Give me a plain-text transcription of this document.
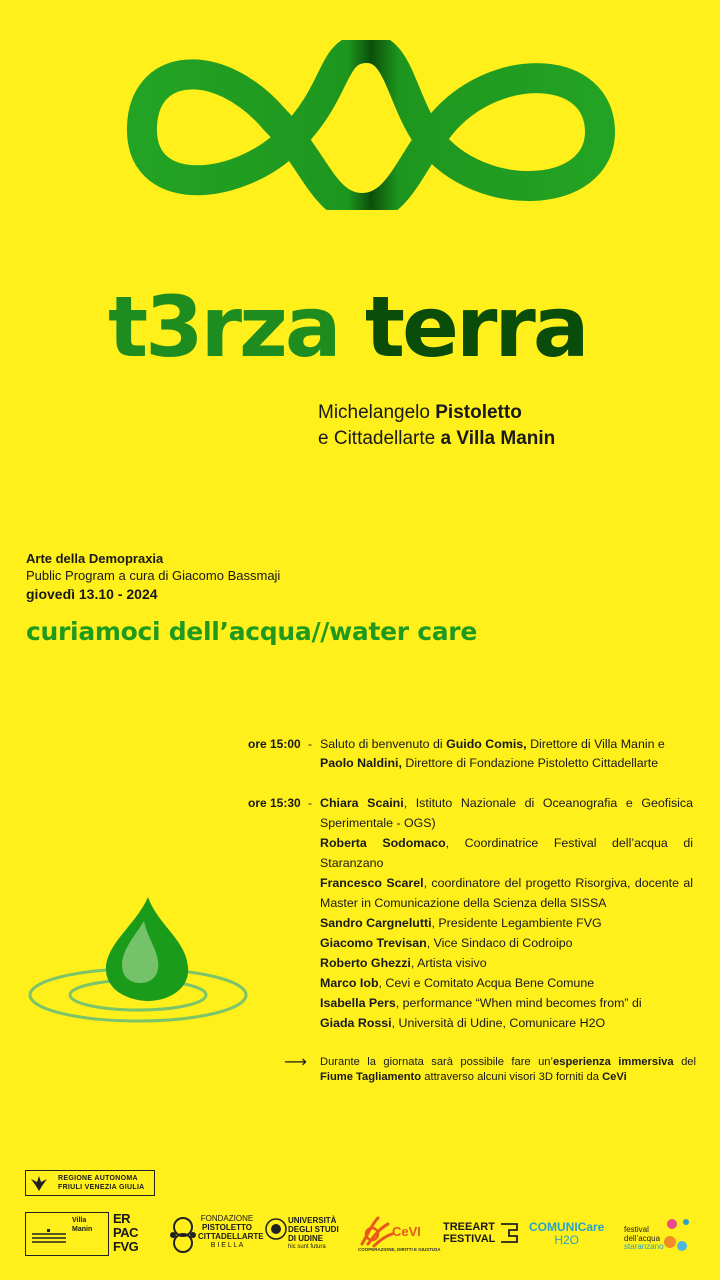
t3rza terra
Michelangelo Pistoletto
e Cittadellarte a Villa Manin
Arte della Demopraxia
Public Program a cura di Giacomo Bassmaji
giovedì 13.10 - 2024
curiamoci dell’acqua//water care
ore 15:00 - Saluto di benvenuto di Guido Comis, Direttore di Villa Manin e
Paolo Naldini, Direttore di Fondazione Pistoletto Cittadellarte
ore 15:30 - Chiara Scaini, Istituto Nazionale di Oceanografia e Geofisica Sperimentale - OGS)
Roberta Sodomaco, Coordinatrice Festival dell’acqua di Staranzano
Francesco Scarel, coordinatore del progetto Risorgiva, docente al Master in Comunicazione della Scienza della SISSA
Sandro Cargnelutti, Presidente Legambiente FVG
Giacomo Trevisan, Vice Sindaco di Codroipo
Roberto Ghezzi, Artista visivo
Marco Iob, Cevi e Comitato Acqua Bene Comune
Isabella Pers, performance “When mind becomes from” di
Giada Rossi, Università di Udine, Comunicare H2O
⟶ Durante la giornata sarà possibile fare un’esperienza immersiva del Fiume Tagliamento attraverso alcuni visori 3D forniti da CeVi
REGIONE AUTONOMA
FRIULI VENEZIA GIULIA
Villa
Manin
ER
PAC
FVG
FONDAZIONE
PISTOLETTO
CITTADELLARTE
B I E L L A
UNIVERSITÀ
DEGLI STUDI
DI UDINE
hic sunt futura
CeVI
COOPERAZIONE, DIRITTI E GIUSTIZIA
TREEART
FESTIVAL
COMUNICare
H2O
festival
dell’acqua
staranzano
